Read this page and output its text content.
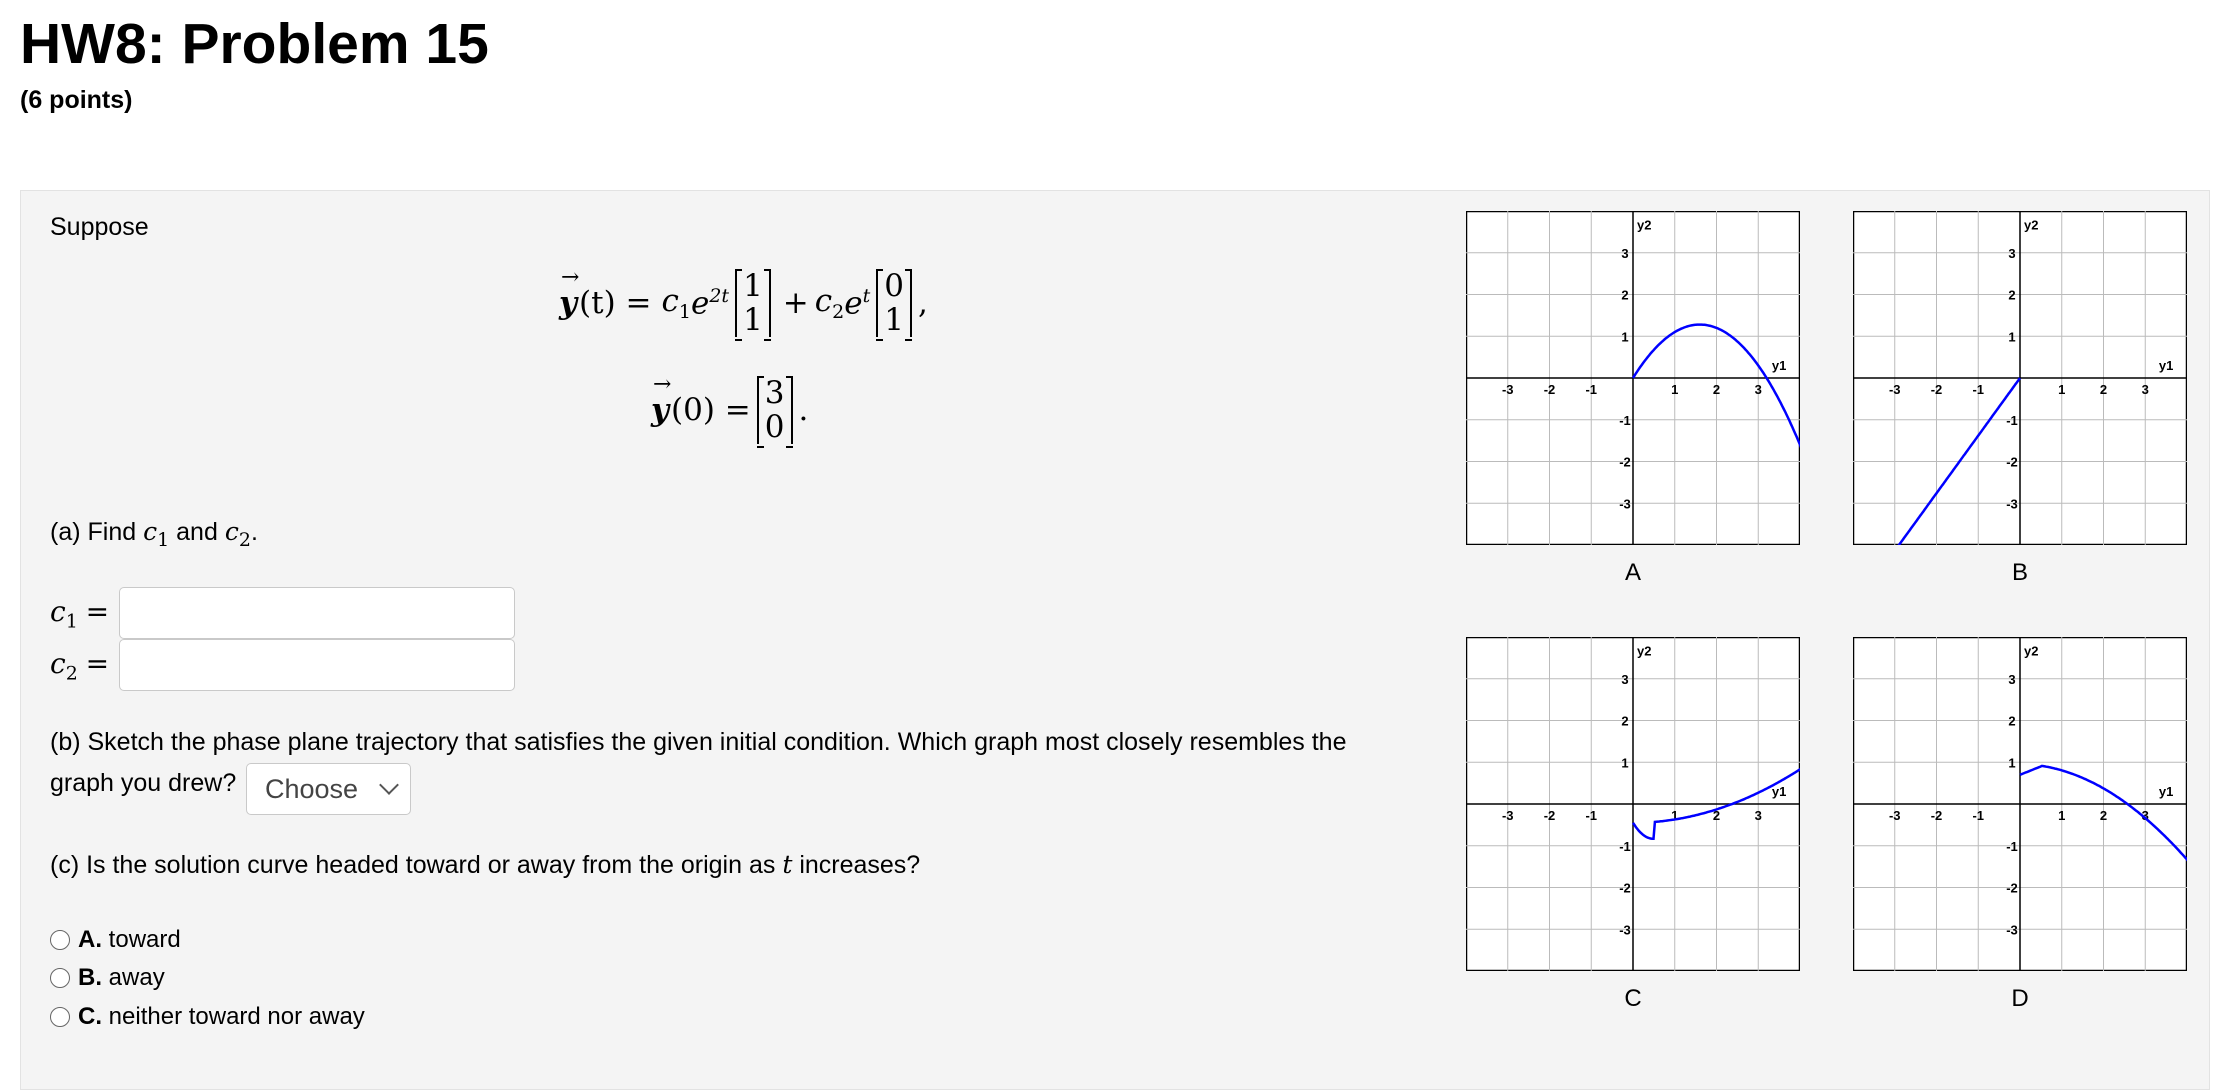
HW8: Problem 15
(6 points)
Suppose
→ y $(t) = c_1$ $e^{2t}$ 1
$1 + c_2$ $e^t$ 0
1 ,
→ y (0) = 3
0 .
(a) Find $c_1$ and $c_2$.
$c_1$ =
$c_2$ =
(b) Sketch the phase plane trajectory that satisfies the given initial condition. Which graph most closely resembles the
graph you drew? Choose
(c) Is the solution curve headed toward or away from the origin as t increases?
A.
toward
B.
away
C.
neither toward nor away
1
-1
1
-1
2
-2
2
-2
3
-3
3
-3
y2
y1
A
1
-1
1
-1
2
-2
2
-2
3
-3
3
-3
y2
y1
B
1
-1
1
-1
2
-2
2
-2
3
-3
3
-3
y2
y1
C
1
-1
1
-1
2
-2
2
-2
3
-3
3
-3
y2
y1
D
